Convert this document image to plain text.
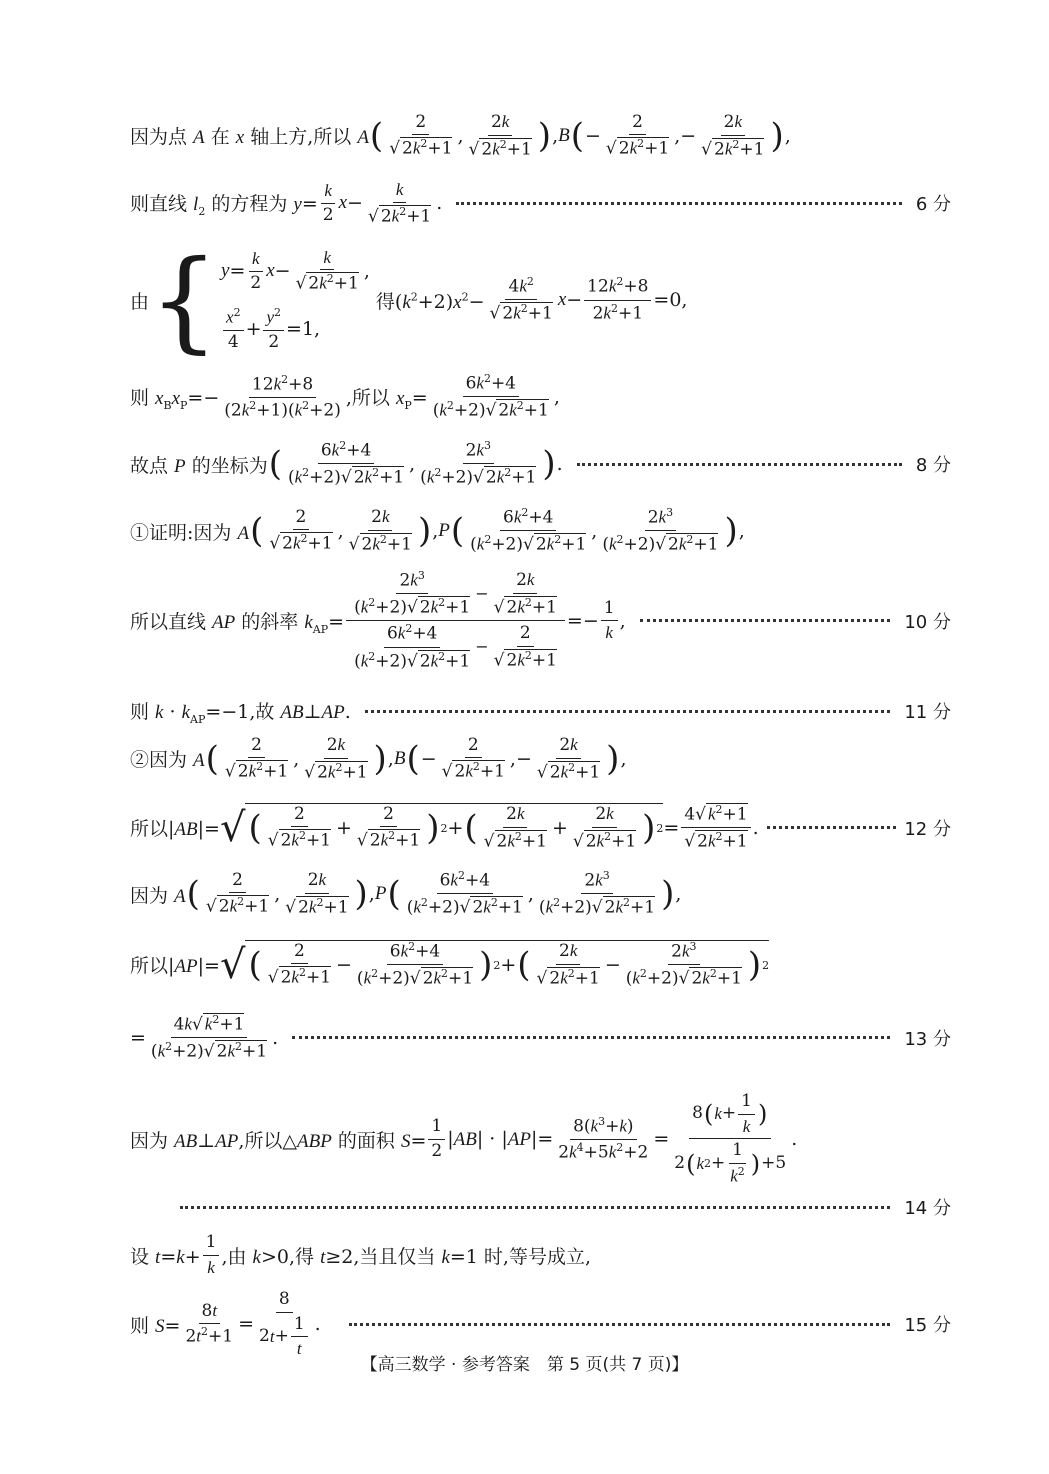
因为点 A 在 x 轴上方,所以 A ( $\frac{2}{√ 2k^2+1}$ , $\frac{2k}{√ 2k^2+1}$ ) , B ( − $\frac{2}{√ 2k^2+1}$ ,− $\frac{2k}{√ 2k^2+1}$ ) ,
则直线 $l_2$ 的方程为 $y= \frac{k}{2}$ $x - \frac{k}{√ 2k^2+1}$ .	6 分
由 { $y = \frac{k}{2}$ $x - \frac{k}{√ 2k^2+1}$ ,
$\frac{x^2}{4} + \frac{y^2}{2} =1$,
得$(k^2+2)x^2- \frac{4k^2}{√ 2k^2+1}$ $x - \frac{12k^2+8}{2k^2+1} =0$,
则 $x_Bx_P=- \frac{12k^2+8}{(2k^2+1)(k^2+2)}$ ,所以 $x_P= \frac{6k^2+4}{(k^2+2)√ 2k^2+1}$ ,
故点 P 的坐标为 ( $\frac{6k^2+4}{(k^2+2)√ 2k^2+1}$ , $\frac{2k^3}{(k^2+2)√ 2k^2+1}$ ) .	8 分
①证明:因为 A ( $\frac{2}{√ 2k^2+1}$ , $\frac{2k}{√ 2k^2+1}$ ) , P ( $\frac{6k^2+4}{(k^2+2)√ 2k^2+1}$ , $\frac{2k^3}{(k^2+2)√ 2k^2+1}$ ) ,
所以直线 AP 的斜率 $k_{AP}= \frac{\frac{2k^3}{(k^2+2)√ 2k^2+1} - \frac{2k}{√ 2k^2+1}}{\frac{6k^2+4}{(k^2+2)√ 2k^2+1} - \frac{2}{√ 2k^2+1}} =- \frac{1}{k}$ ,	10 分
则 $k \cdot k_{AP}=-1$,故 AB⊥AP.	11 分
②因为 A ( $\frac{2}{√ 2k^2+1}$ , $\frac{2k}{√ 2k^2+1}$ ) , B ( − $\frac{2}{√ 2k^2+1}$ ,− $\frac{2k}{√ 2k^2+1}$ ) ,
所以|AB|= √ ( $\frac{2}{√ 2k^2+1} + \frac{2}{√ 2k^2+1}$ ) 2 + ( $\frac{2k}{√ 2k^2+1} + \frac{2k}{√ 2k^2+1}$ ) $2 = \frac{4√ k^2+1}{√ 2k^2+1}$ .	12 分
因为 A ( $\frac{2}{√ 2k^2+1}$ , $\frac{2k}{√ 2k^2+1}$ ) , P ( $\frac{6k^2+4}{(k^2+2)√ 2k^2+1}$ , $\frac{2k^3}{(k^2+2)√ 2k^2+1}$ ) ,
所以|AP|= √ ( $\frac{2}{√ 2k^2+1} - \frac{6k^2+4}{(k^2+2)√ 2k^2+1}$ ) 2 + ( $\frac{2k}{√ 2k^2+1} - \frac{2k^3}{(k^2+2)√ 2k^2+1}$ ) 2
= $\frac{4k√ k^2+1}{(k^2+2)√ 2k^2+1}$ .	13 分
因为 AB⊥AP,所以△ABP 的面积 $S= \frac{1}{2} |AB| \cdot |AP|= \frac{8(k^3+k)}{2k^4+5k^2+2} = \frac{8 ( k + \frac{1}{k} )}{2 ( k 2 + \frac{1}{k^2} ) +5}$ .
14 分
设 $t=k+ \frac{1}{k}$ ,由 k>0,得 t≥2,当且仅当 k=1 时,等号成立,
则 $S= \frac{8t}{2t^2+1} = \frac{8}{2 t + \frac{1}{t}}$ .	15 分
【高三数学 · 参考答案　第 5 页(共 7 页)】
